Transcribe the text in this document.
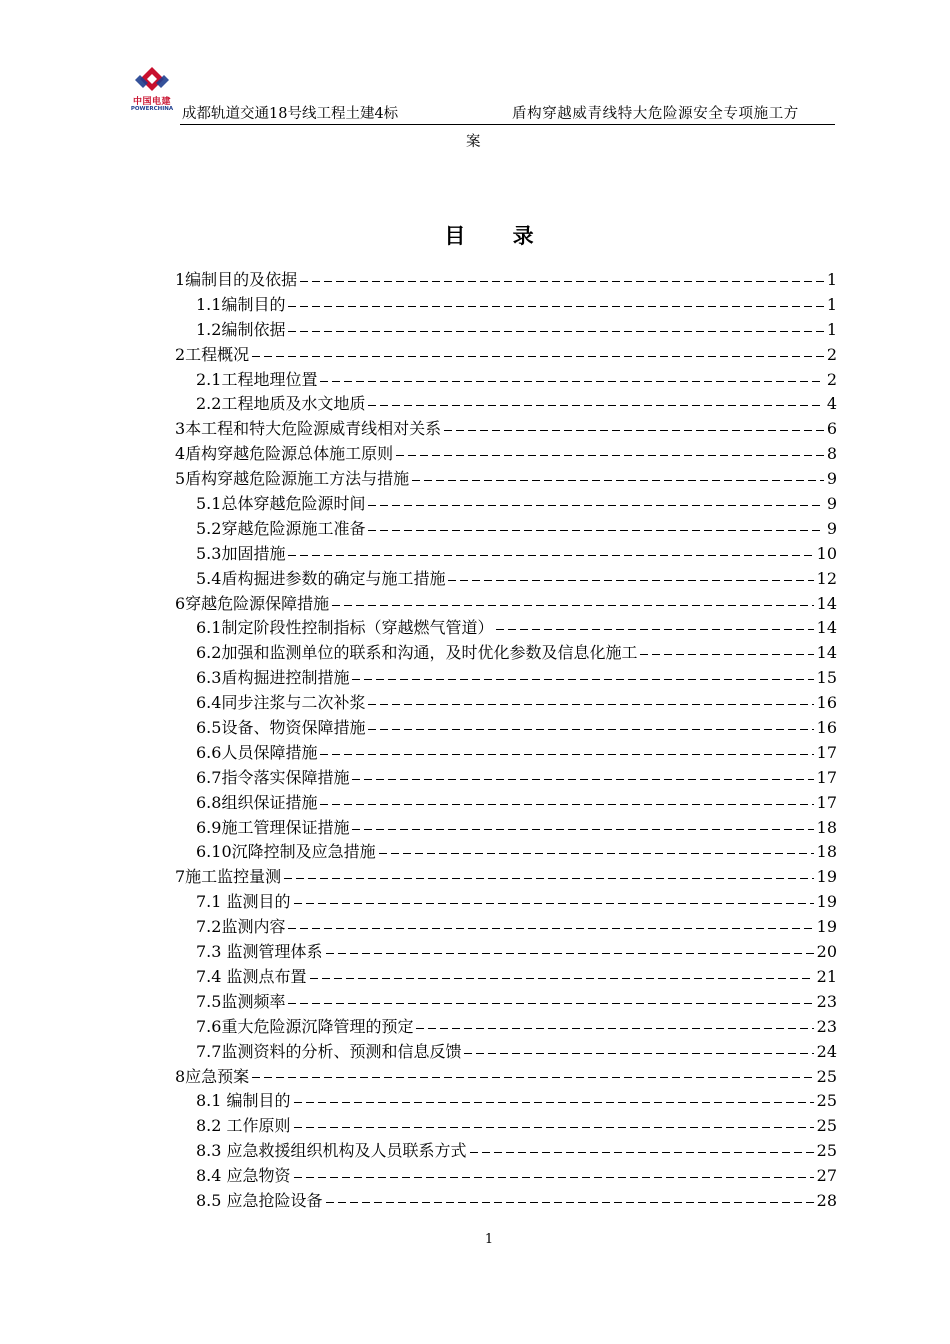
中国电建
POWERCHINA 成都轨道交通18号线工程土建4标	盾构穿越威青线特大危险源安全专项施工方
案
目 录
1编制目的及依据	1
1.1编制目的	1
1.2编制依据	1
2工程概况	2
2.1工程地理位置	2
2.2工程地质及水文地质	4
3本工程和特大危险源威青线相对关系	6
4盾构穿越危险源总体施工原则	8
5盾构穿越危险源施工方法与措施	9
5.1总体穿越危险源时间	9
5.2穿越危险源施工准备	9
5.3加固措施	10
5.4盾构掘进参数的确定与施工措施	12
6穿越危险源保障措施	14
6.1制定阶段性控制指标（穿越燃气管道）	14
6.2加强和监测单位的联系和沟通，及时优化参数及信息化施工	14
6.3盾构掘进控制措施	15
6.4同步注浆与二次补浆	16
6.5设备、物资保障措施	16
6.6人员保障措施	17
6.7指令落实保障措施	17
6.8组织保证措施	17
6.9施工管理保证措施	18
6.10沉降控制及应急措施	18
7施工监控量测	19
7.1 监测目的	19
7.2监测内容	19
7.3 监测管理体系	20
7.4 监测点布置	21
7.5监测频率	23
7.6重大危险源沉降管理的预定	23
7.7监测资料的分析、预测和信息反馈	24
8应急预案	25
8.1 编制目的	25
8.2 工作原则	25
8.3 应急救援组织机构及人员联系方式	25
8.4 应急物资	27
8.5 应急抢险设备	28
1
